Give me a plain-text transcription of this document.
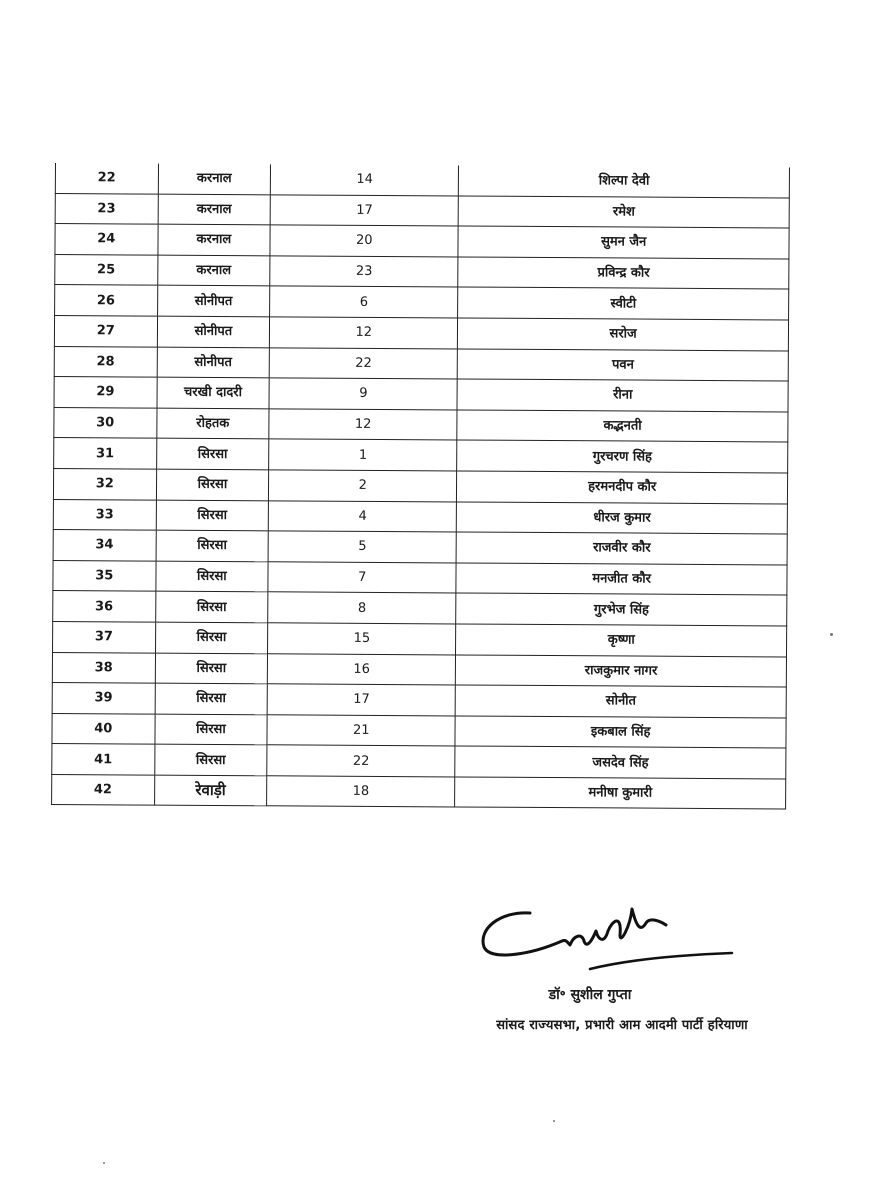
22	करनाल	14	शिल्पा देवी
23	करनाल	17	रमेश
24	करनाल	20	सुमन जैन
25	करनाल	23	प्रविन्द्र कौर
26	सोनीपत	6	स्वीटी
27	सोनीपत	12	सरोज
28	सोनीपत	22	पवन
29	चरखी दादरी	9	रीना
30	रोहतक	12	कद्भनती
31	सिरसा	1	गुरचरण सिंह
32	सिरसा	2	हरमनदीप कौर
33	सिरसा	4	धीरज कुमार
34	सिरसा	5	राजवीर कौर
35	सिरसा	7	मनजीत कौर
36	सिरसा	8	गुरभेज सिंह
37	सिरसा	15	कृष्णा
38	सिरसा	16	राजकुमार नागर
39	सिरसा	17	सोनीत
40	सिरसा	21	इकबाल सिंह
41	सिरसा	22	जसदेव सिंह
42	रेवाड़ी	18	मनीषा कुमारी
डॉ॰ सुशील गुप्ता
सांसद राज्यसभा, प्रभारी आम आदमी पार्टी हरियाणा
